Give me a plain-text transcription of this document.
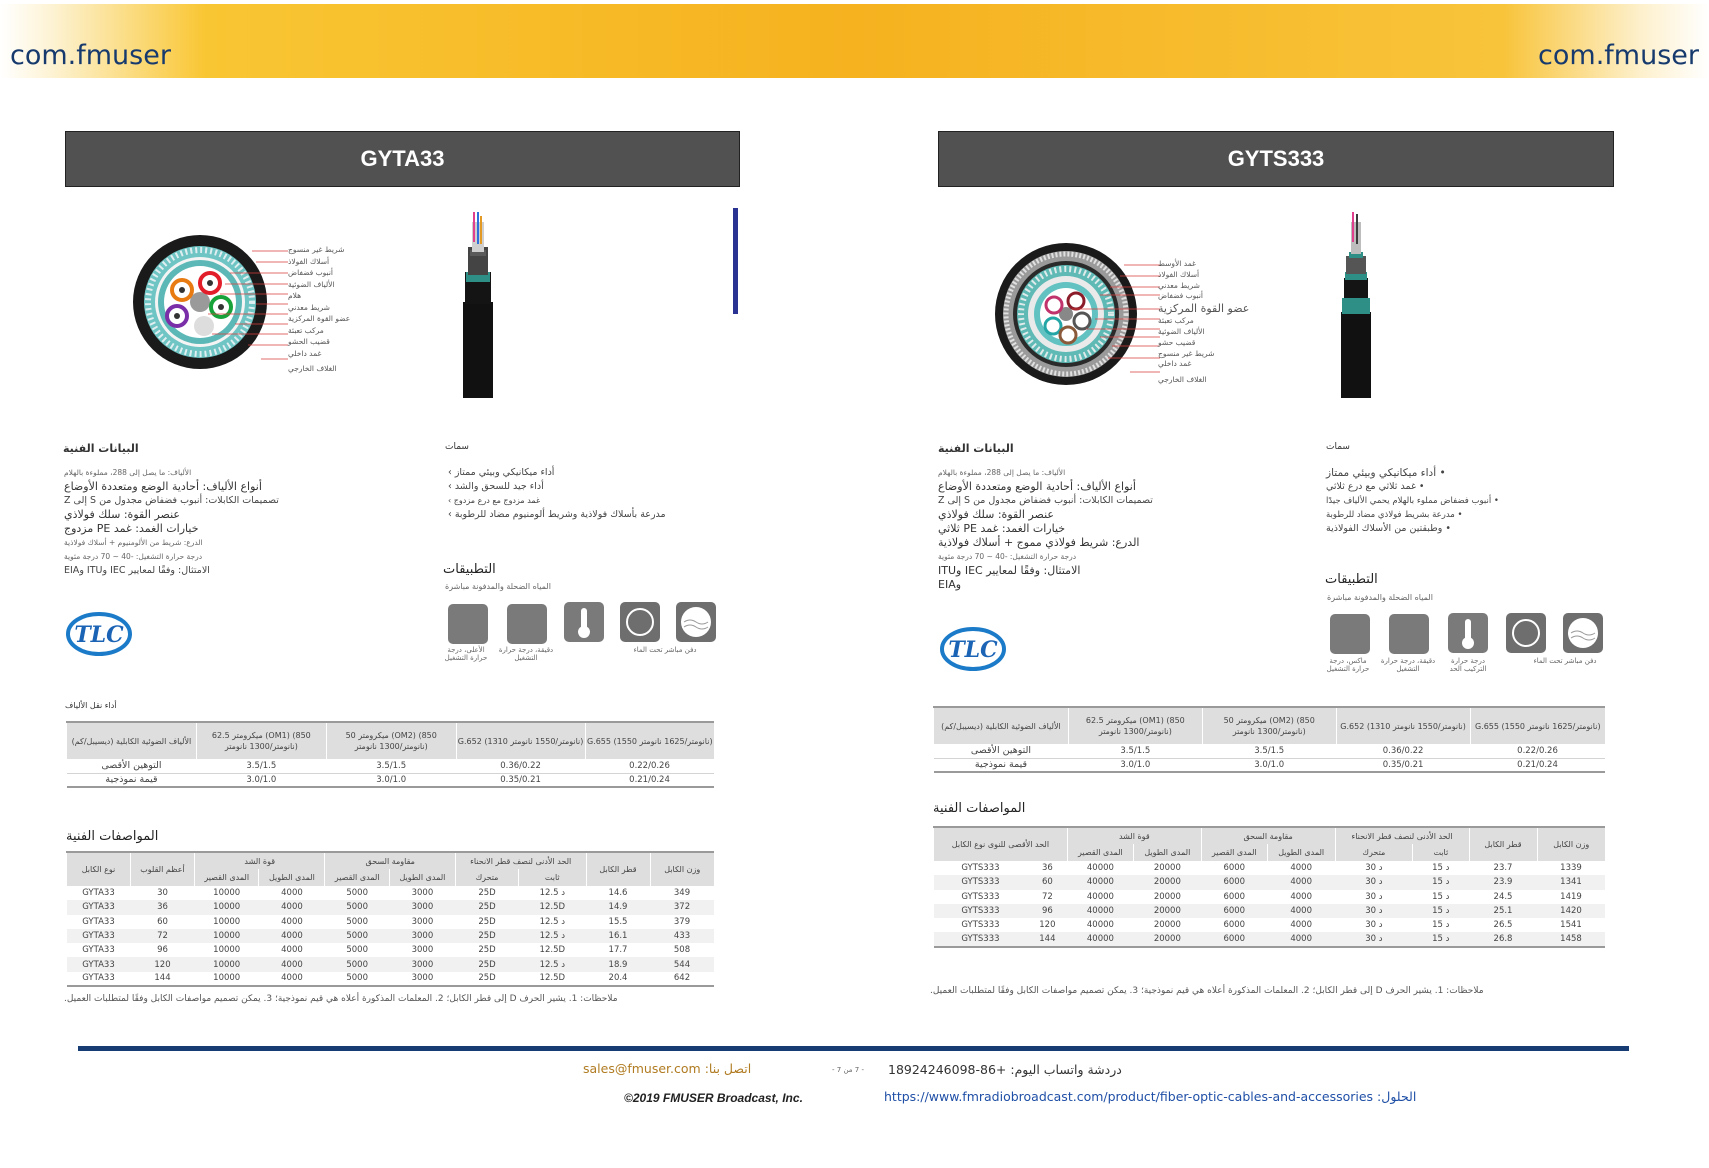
com.fmuser	com.fmuser
GYTA33
شريط غير منسوج
أسلاك الفولاذ
أنبوب فضفاض
الألياف الضوئية
هلام
شريط معدني
عضو القوة المركزية
مركب تعبئة
قضيب الحشو
غمد داخلي
الغلاف الخارجي
البيانات الفنية
الألياف: ما يصل إلى 288، مملوءة بالهلام
أنواع الألياف: أحادية الوضع ومتعددة الأوضاع
تصميمات الكابلات: أنبوب فضفاض مجدول من S إلى Z
عنصر القوة: سلك فولاذي
خيارات الغمد: غمد PE مزدوج
الدرع: شريط من الألومنيوم + أسلاك فولاذية
درجة حرارة التشغيل: -40 ~ 70 درجة مئوية
الامتثال: وفقًا لمعايير IEC وITU وEIA
سمات
أداء ميكانيكي وبيئي ممتاز ›
أداء جيد للسحق والشد ›
غمد مزدوج مع درع مزدوج ›
مدرعة بأسلاك فولاذية وشريط ألومنيوم مضاد للرطوبة ›
التطبيقات
المياه الضحلة والمدفونة مباشرة
الأعلى، درجة حرارة التشغيل
دقيقة، درجة حرارة التشغيل
دفن مباشر تحت الماء
TLC
أداء نقل الألياف
الألياف الضوئية الكابلية (ديسيبل/كم)	62.5 ميكرومتر (OM1) (850 نانومتر/1300 نانومتر)	50 ميكرومتر (OM2) (850 نانومتر/1300 نانومتر)	G.652 (1310 نانومتر/1550 نانومتر)	G.655 (1550 نانومتر/1625 نانومتر)
التوهين الأقصى	3.5/1.5	3.5/1.5	0.36/0.22	0.22/0.26
قيمة نموذجية	3.0/1.0	3.0/1.0	0.35/0.21	0.21/0.24
المواصفات الفنية
نوع الكابل	أعظم القلوب	قوة الشد		مقاومة السحق		الحد الأدنى لنصف قطر الانحناء		قطر الكابل	وزن الكابل
		المدى القصير	المدى الطويل	المدى القصير	المدى الطويل	متحرك	ثابت		
GYTA33	30	10000	4000	5000	3000	25D	12.5 د	14.6	349
GYTA33	36	10000	4000	5000	3000	25D	12.5D	14.9	372
GYTA33	60	10000	4000	5000	3000	25D	12.5 د	15.5	379
GYTA33	72	10000	4000	5000	3000	25D	12.5 د	16.1	433
GYTA33	96	10000	4000	5000	3000	25D	12.5D	17.7	508
GYTA33	120	10000	4000	5000	3000	25D	12.5 د	18.9	544
GYTA33	144	10000	4000	5000	3000	25D	12.5D	20.4	642
ملاحظات: 1. يشير الحرف D إلى قطر الكابل؛ 2. المعلمات المذكورة أعلاه هي قيم نموذجية؛ 3. يمكن تصميم مواصفات الكابل وفقًا لمتطلبات العميل.
GYTS333
غمد الأوسط
أسلاك الفولاذ
شريط معدني
أنبوب فضفاض
عضو القوة المركزية
مركب تعبئة
الألياف الضوئية
قضيب حشو
شريط غير منسوج
غمد داخلي
الغلاف الخارجي
البيانات الفنية
الألياف: ما يصل إلى 288، مملوءة بالهلام
أنواع الألياف: أحادية الوضع ومتعددة الأوضاع
تصميمات الكابلات: أنبوب فضفاض مجدول من S إلى Z
عنصر القوة: سلك فولاذي
خيارات الغمد: غمد PE ثلاثي
الدرع: شريط فولاذي مموج + أسلاك فولاذية
درجة حرارة التشغيل: -40 ~ 70 درجة مئوية
الامتثال: وفقًا لمعايير IEC وITU
وEIA
سمات
• أداء ميكانيكي وبيئي ممتاز
• غمد ثلاثي مع درع ثلاثي
• أنبوب فضفاض مملوء بالهلام يحمي الألياف جيدًا
• مدرعة بشريط فولاذي مضاد للرطوبة
• وطبقتين من الأسلاك الفولاذية
التطبيقات
المياه الضحلة والمدفونة مباشرة
ماكس، درجة حرارة التشغيل
دقيقة، درجة حرارة التشغيل
درجة حرارة التركيب الحد
دفن مباشر تحت الماء
TLC
الألياف الضوئية الكابلية (ديسيبل/كم)	62.5 ميكرومتر (OM1) (850 نانومتر/1300 نانومتر)	50 ميكرومتر (OM2) (850 نانومتر/1300 نانومتر)	G.652 (1310 نانومتر/1550 نانومتر)	G.655 (1550 نانومتر/1625 نانومتر)
التوهين الأقصى	3.5/1.5	3.5/1.5	0.36/0.22	0.22/0.26
قيمة نموذجية	3.0/1.0	3.0/1.0	0.35/0.21	0.21/0.24
المواصفات الفنية
الحد الأقصى للنوى نوع الكابل		قوة الشد		مقاومة السحق		الحد الأدنى لنصف قطر الانحناء		قطر الكابل	وزن الكابل
		المدى القصير	المدى الطويل	المدى القصير	المدى الطويل	متحرك	ثابت		
GYTS333	36	40000	20000	6000	4000	30 د	15 د	23.7	1339
GYTS333	60	40000	20000	6000	4000	30 د	15 د	23.9	1341
GYTS333	72	40000	20000	6000	4000	30 د	15 د	24.5	1419
GYTS333	96	40000	20000	6000	4000	30 د	15 د	25.1	1420
GYTS333	120	40000	20000	6000	4000	30 د	15 د	26.5	1541
GYTS333	144	40000	20000	6000	4000	30 د	15 د	26.8	1458
ملاحظات: 1. يشير الحرف D إلى قطر الكابل؛ 2. المعلمات المذكورة أعلاه هي قيم نموذجية؛ 3. يمكن تصميم مواصفات الكابل وفقًا لمتطلبات العميل.
اتصل بنا: sales@fmuser.com	- 7 من 7 - دردشة واتساب اليوم: +86-18924246098
©2019 FMUSER Broadcast, Inc.	الحلول: https://www.fmradiobroadcast.com/product/fiber-optic-cables-and-accessories
